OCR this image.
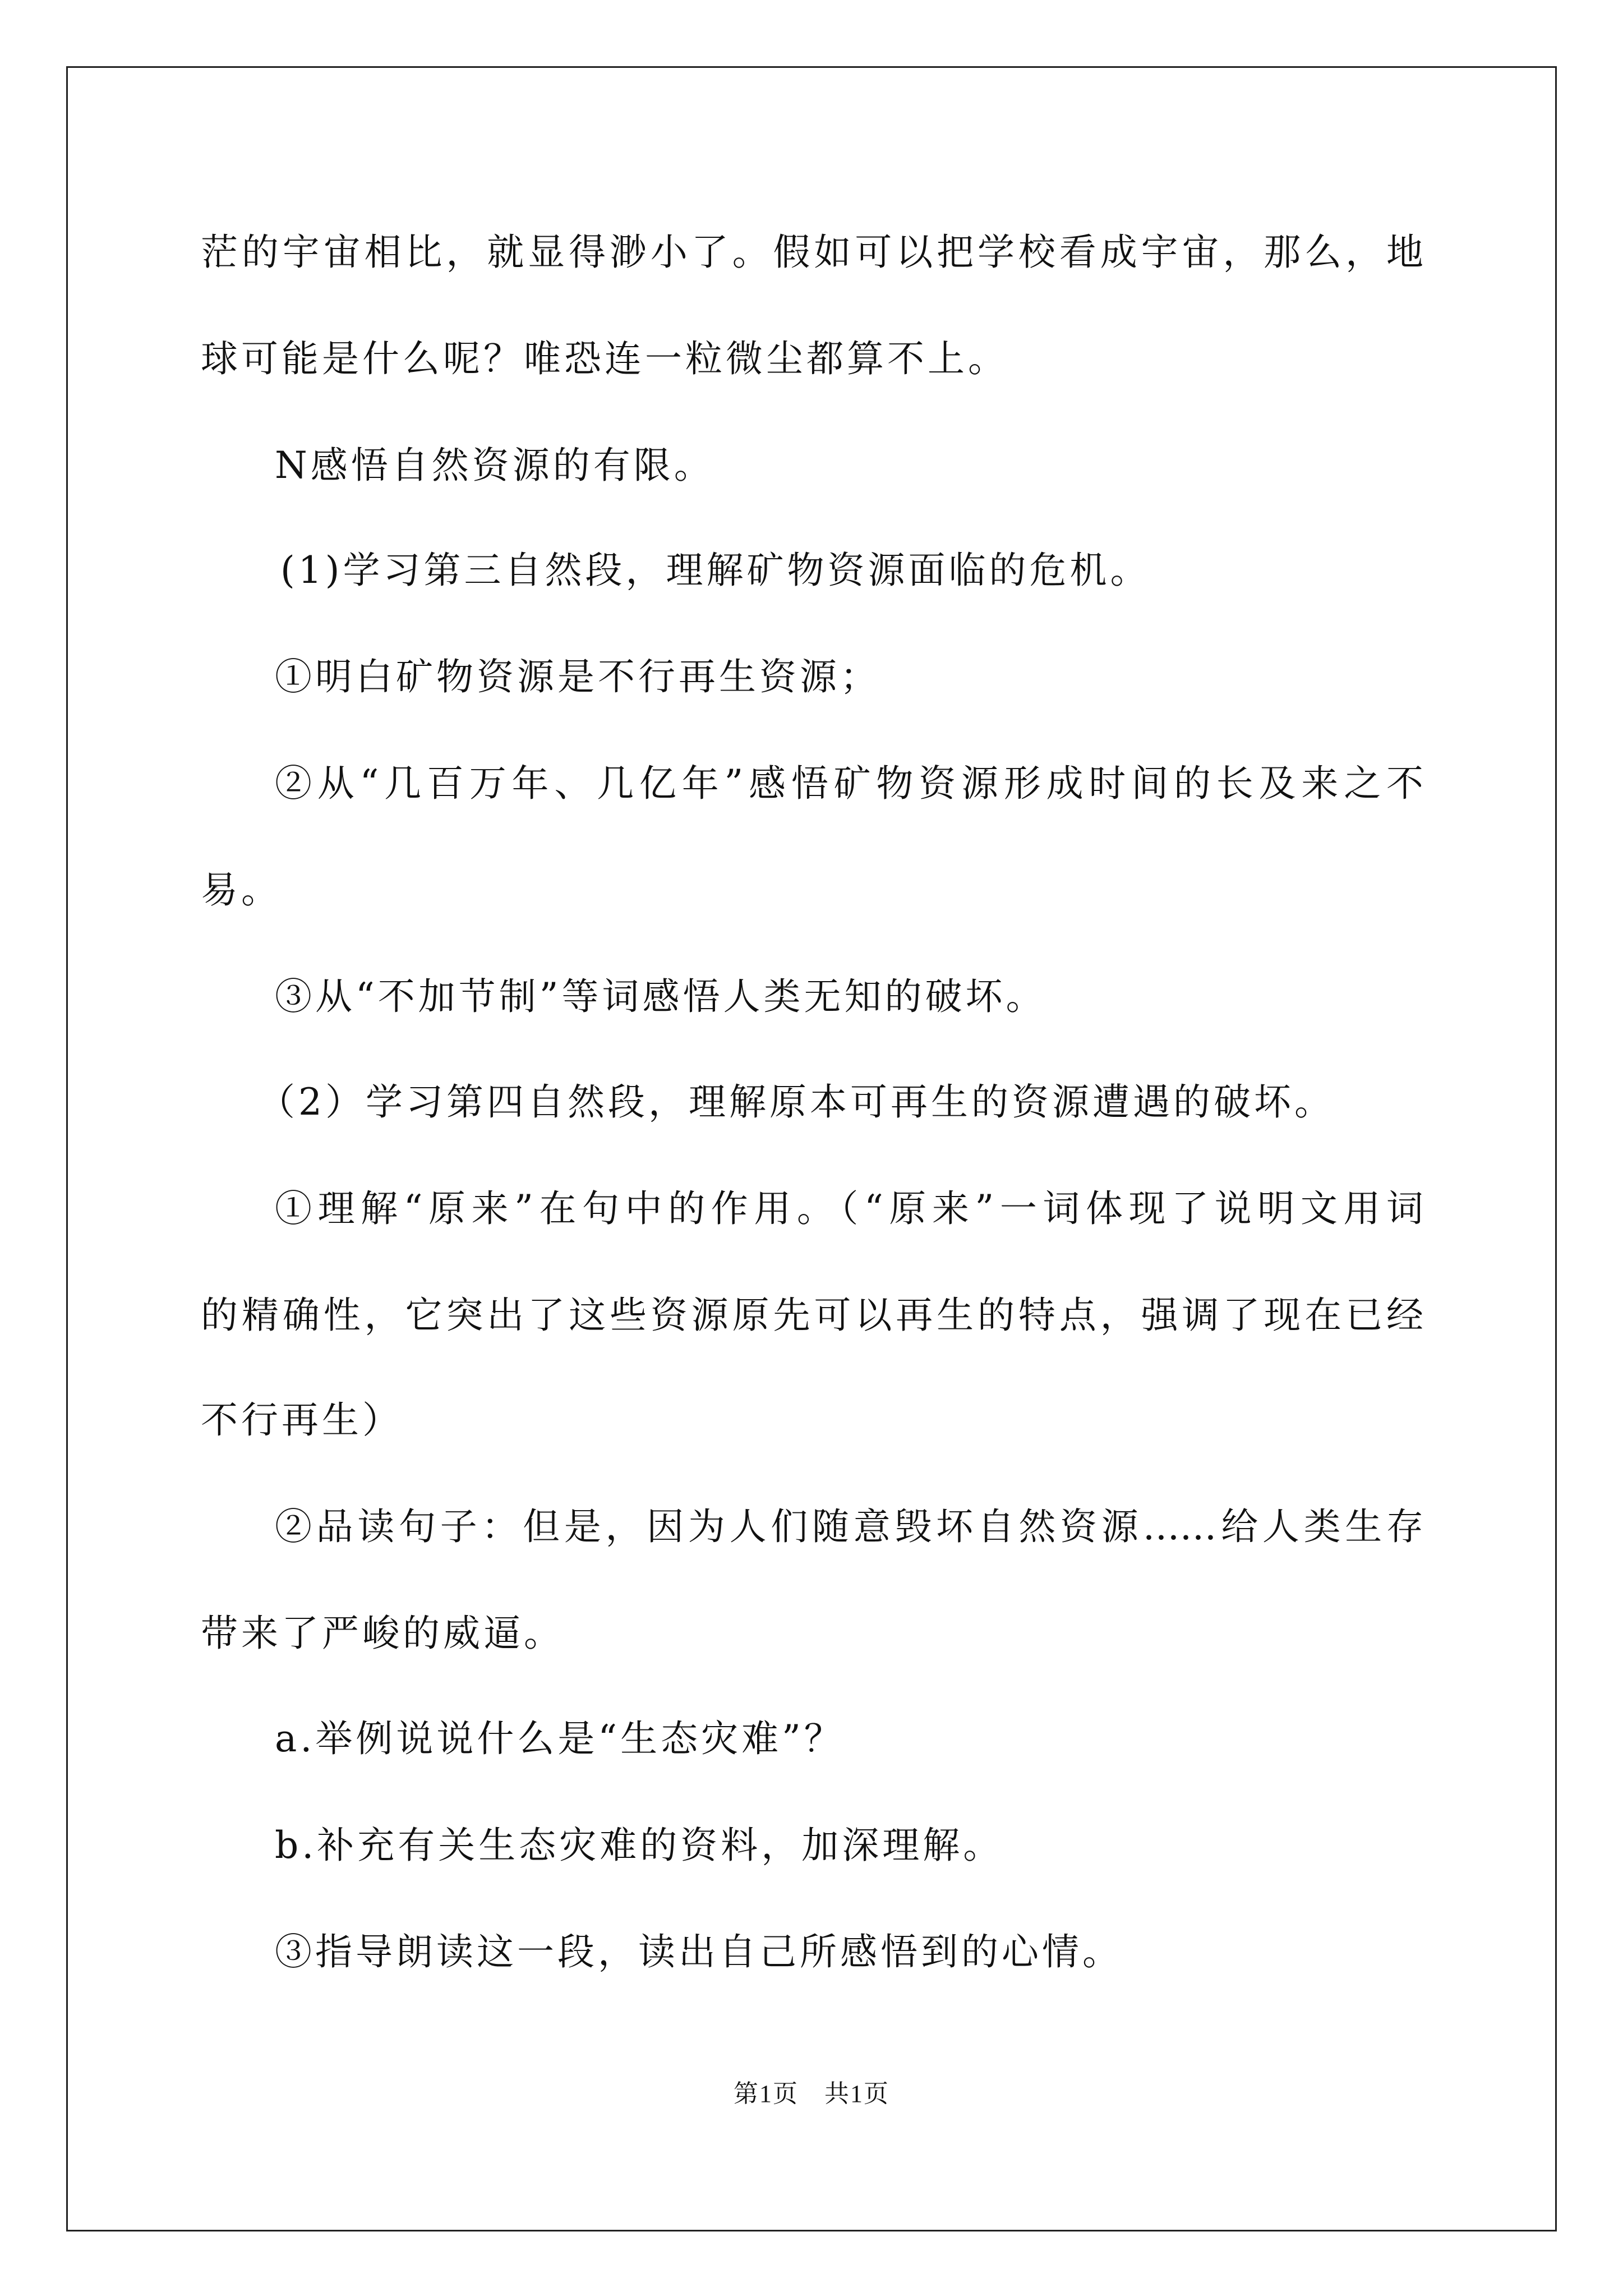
茫的宇宙相比，就显得渺小了。假如可以把学校看成宇宙，那么，地
球可能是什么呢？唯恐连一粒微尘都算不上。
N感悟自然资源的有限。
(1)学习第三自然段，理解矿物资源面临的危机。
①明白矿物资源是不行再生资源；
②从“几百万年、几亿年”感悟矿物资源形成时间的长及来之不
易。
③从“不加节制”等词感悟人类无知的破坏。
（2）学习第四自然段，理解原本可再生的资源遭遇的破坏。
①理解“原来”在句中的作用。（“原来”一词体现了说明文用词
的精确性，它突出了这些资源原先可以再生的特点，强调了现在已经
不行再生）
②品读句子：但是，因为人们随意毁坏自然资源……给人类生存
带来了严峻的威逼。
a.举例说说什么是“生态灾难”？
b.补充有关生态灾难的资料，加深理解。
③指导朗读这一段，读出自己所感悟到的心情。
第1页　共1页
